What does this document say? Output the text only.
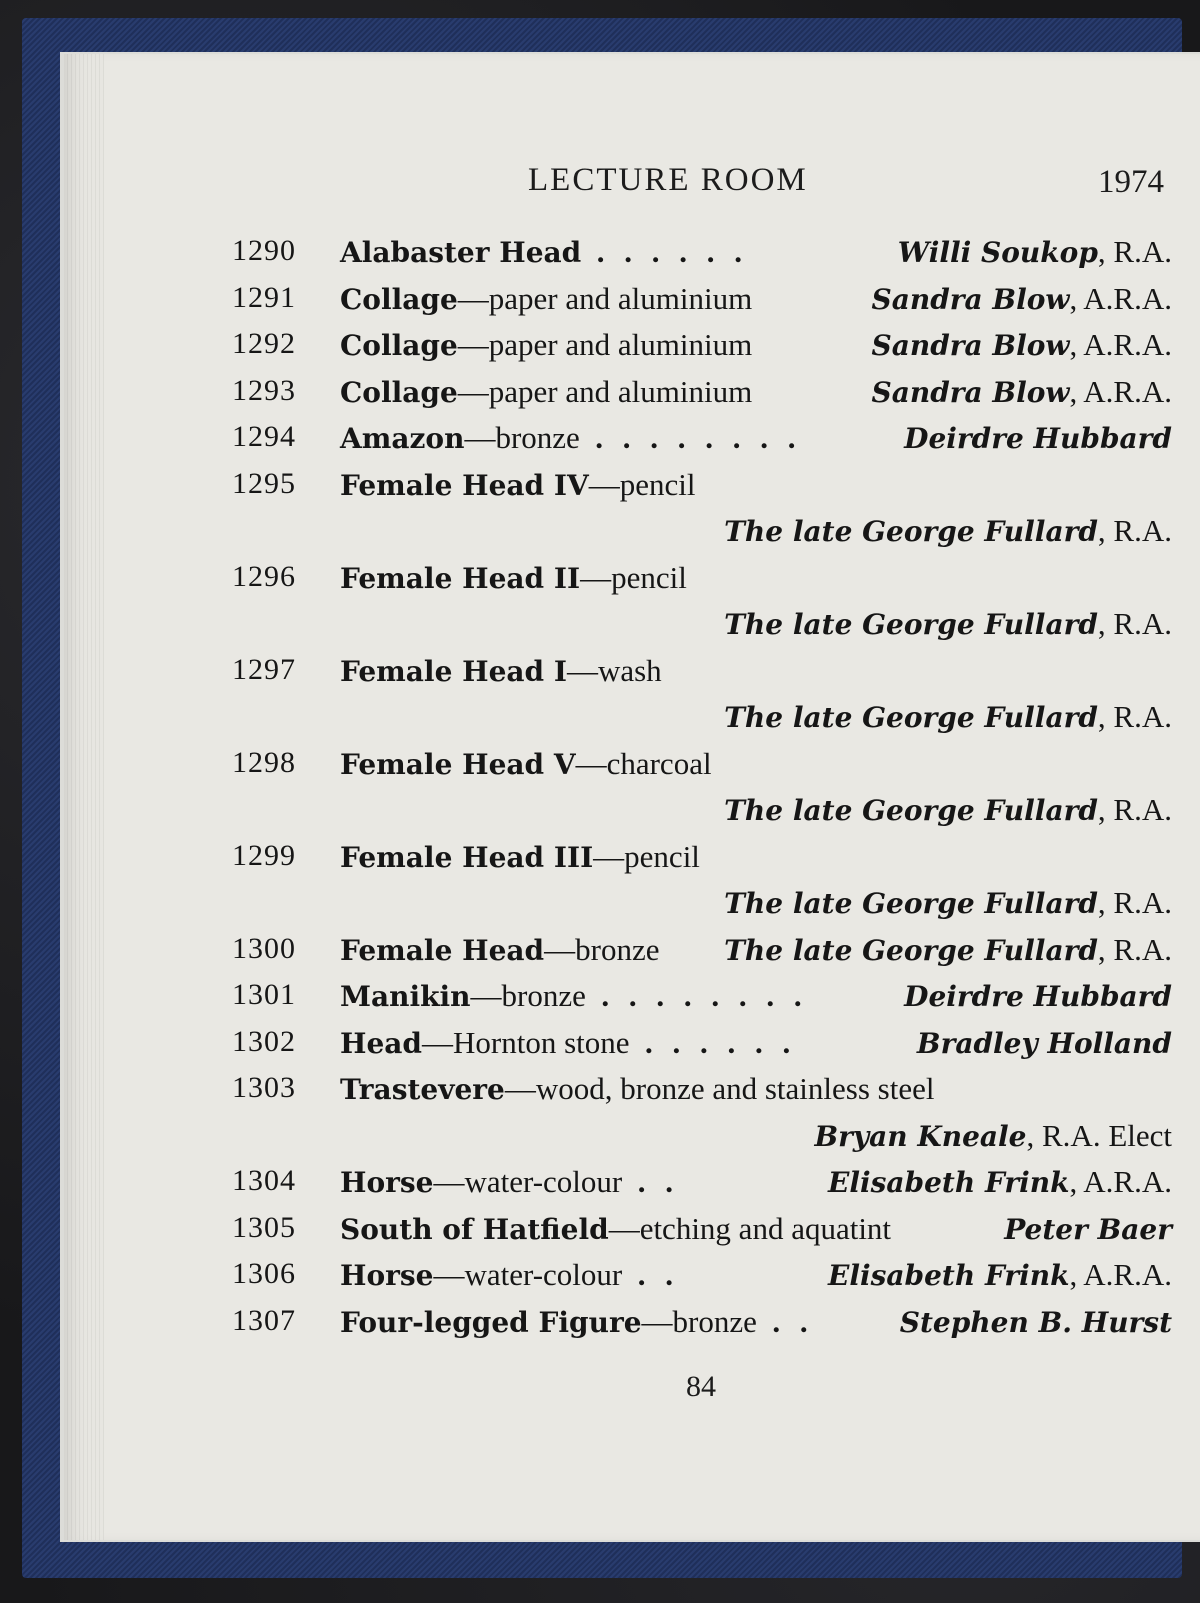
LECTURE ROOM	1974
1290 Alabaster Head . . . . . .	Willi Soukop, R.A.
1291 Collage—paper and aluminium	Sandra Blow, A.R.A.
1292 Collage—paper and aluminium	Sandra Blow, A.R.A.
1293 Collage—paper and aluminium	Sandra Blow, A.R.A.
1294 Amazon—bronze . . . . . . . .	Deirdre Hubbard
1295 Female Head IV—pencil

The late George Fullard, R.A.
1296 Female Head II—pencil

The late George Fullard, R.A.
1297 Female Head I—wash

The late George Fullard, R.A.
1298 Female Head V—charcoal

The late George Fullard, R.A.
1299 Female Head III—pencil

The late George Fullard, R.A.
1300 Female Head—bronze	The late George Fullard, R.A.
1301 Manikin—bronze . . . . . . . .	Deirdre Hubbard
1302 Head—Hornton stone . . . . . .	Bradley Holland
1303 Trastevere—wood, bronze and stainless steel

Bryan Kneale, R.A. Elect
1304 Horse—water-colour . .	Elisabeth Frink, A.R.A.
1305 South of Hatfield—etching and aquatint	Peter Baer
1306 Horse—water-colour . .	Elisabeth Frink, A.R.A.
1307 Four-legged Figure—bronze . .	Stephen B. Hurst
84
